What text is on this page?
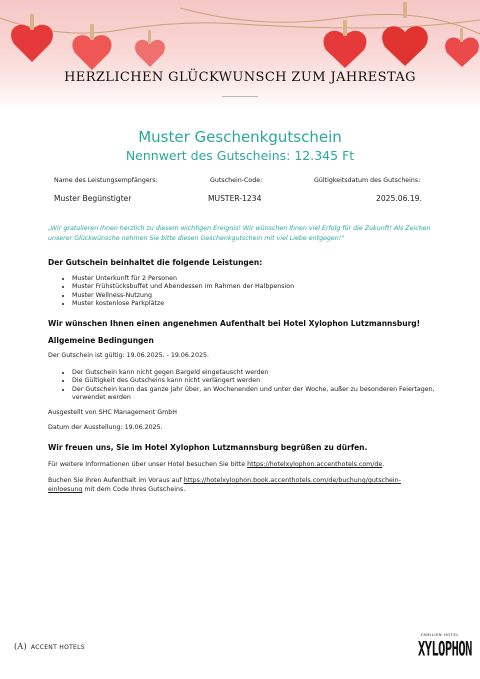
HERZLICHEN GLÜCKWUNSCH ZUM JAHRESTAG
Muster Geschenkgutschein
Nennwert des Gutscheins: 12.345 Ft
Name des Leistungsempfängers:	Gutschein-Code:	Gültigkeitsdatum des Gutscheins:
Muster Begünstigter	MUSTER-1234	2025.06.19.
„Wir gratulieren Ihnen herzlich zu diesem wichtigen Ereignis! Wir wünschen Ihnen viel Erfolg für die Zukunft! Als Zeichen unserer Glückwünsche nehmen Sie bitte diesen Geschenkgutschein mit viel Liebe entgegen!"
Der Gutschein beinhaltet die folgende Leistungen:
• Muster Unterkunft für 2 Personen
• Muster Frühstücksbuffet und Abendessen im Rahmen der Halbpension
• Muster Wellness-Nutzung
• Muster kostenlose Parkplätze
Wir wünschen Ihnen einen angenehmen Aufenthalt bei Hotel Xylophon Lutzmannsburg!
Allgemeine Bedingungen
Der Gutschein ist gültig: 19.06.2025. - 19.06.2025.
• Der Gutschein kann nicht gegen Bargeld eingetauscht werden
• Die Gültigkeit des Gutscheins kann nicht verlängert werden
• Der Gutschein kann das ganze Jahr über, an Wochenenden und unter der Woche, außer zu besonderen Feiertagen, verwendet werden
Ausgestellt von SHC Management GmbH
Datum der Ausstellung: 19.06.2025.
Wir freuen uns, Sie im Hotel Xylophon Lutzmannsburg begrüßen zu dürfen.
Für weitere Informationen über unser Hotel besuchen Sie bitte https://hotelxylophon.accenthotels.com/de.
Buchen Sie Ihren Aufenthalt im Voraus auf https://hotelxylophon.book.accenthotels.com/de/buchung/gutschein-einloesung mit dem Code Ihres Gutscheins.
(A) ACCENT HOTELS
FAMILIEN HOTEL
XYLOPHON
